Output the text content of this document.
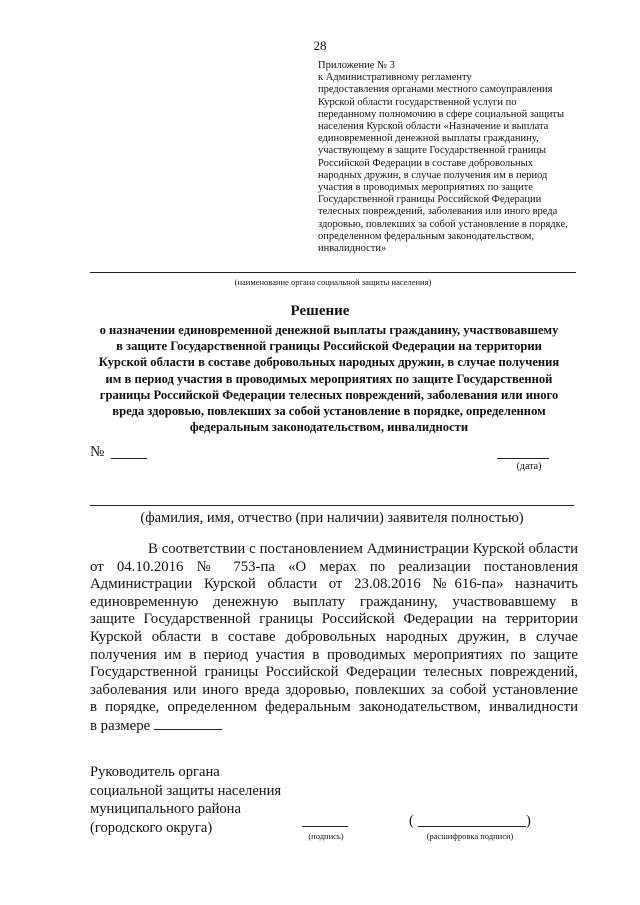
28
Приложение № 3
к Административному регламенту
предоставления органами местного самоуправления
Курской области государственной услуги по
переданному полномочию в сфере социальной защиты
населения Курской области «Назначение и выплата
единовременной денежной выплаты гражданину,
участвующему в защите Государственной границы
Российской Федерации в составе добровольных
народных дружин, в случае получения им в период
участия в проводимых мероприятиях по защите
Государственной границы Российской Федерации
телесных повреждений, заболевания или иного вреда
здоровью, повлекших за собой установление в порядке,
определенном федеральным законодательством,
инвалидности»
(наименование органа социальной защиты населения)
Решение
о назначении единовременной денежной выплаты гражданину, участвовавшему
в защите Государственной границы Российской Федерации на территории
Курской области в составе добровольных народных дружин, в случае получения
им в период участия в проводимых мероприятиях по защите Государственной
границы Российской Федерации телесных повреждений, заболевания или иного
вреда здоровью, повлекших за собой установление в порядке, определенном
федеральным законодательством, инвалидности
№
(дата)
(фамилия, имя, отчество (при наличии) заявителя полностью)
В соответствии с постановлением Администрации Курской области
от 04.10.2016 № 753-па «О мерах по реализации постановления
Администрации Курской области от 23.08.2016 №616-па» назначить
единовременную денежную выплату гражданину, участвовавшему в
защите Государственной границы Российской Федерации на территории
Курской области в составе добровольных народных дружин, в случае
получения им в период участия в проводимых мероприятиях по защите
Государственной границы Российской Федерации телесных повреждений,
заболевания или иного вреда здоровью, повлекших за собой установление
в порядке, определенном федеральным законодательством, инвалидности
в размере
Руководитель органа
социальной защиты населения
муниципального района
(городского округа)
(подпись)
(	)
(расшифровка подписи)
